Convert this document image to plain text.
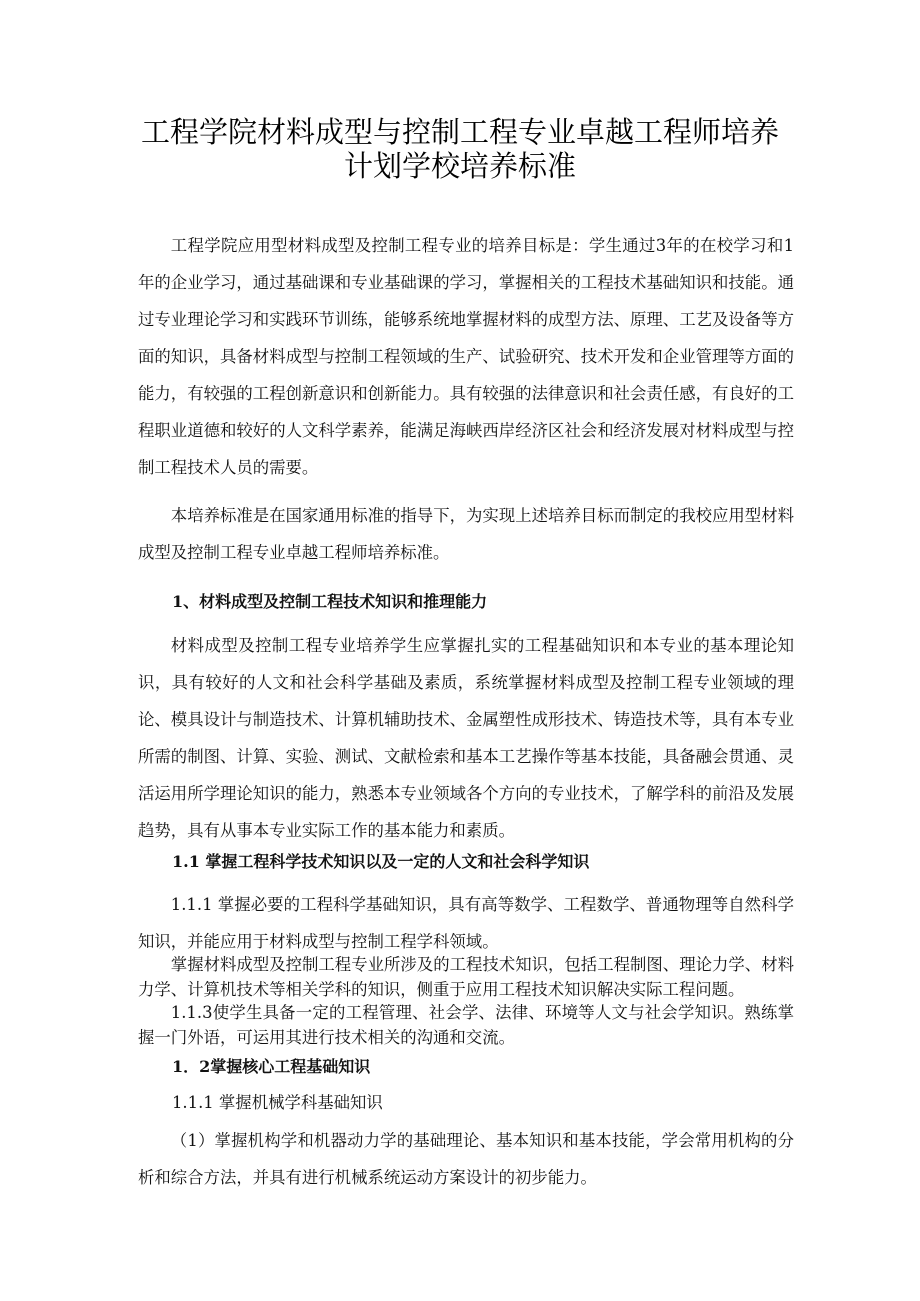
工程学院材料成型与控制工程专业卓越工程师培养
计划学校培养标准

工程学院应用型材料成型及控制工程专业的培养目标是：学生通过3年的在校学习和1年的企业学习，通过基础课和专业基础课的学习，掌握相关的工程技术基础知识和技能。通过专业理论学习和实践环节训练，能够系统地掌握材料的成型方法、原理、工艺及设备等方面的知识，具备材料成型与控制工程领域的生产、试验研究、技术开发和企业管理等方面的能力，有较强的工程创新意识和创新能力。具有较强的法律意识和社会责任感，有良好的工程职业道德和较好的人文科学素养，能满足海峡西岸经济区社会和经济发展对材料成型与控制工程技术人员的需要。

本培养标准是在国家通用标准的指导下，为实现上述培养目标而制定的我校应用型材料成型及控制工程专业卓越工程师培养标准。

1、材料成型及控制工程技术知识和推理能力

材料成型及控制工程专业培养学生应掌握扎实的工程基础知识和本专业的基本理论知识，具有较好的人文和社会科学基础及素质，系统掌握材料成型及控制工程专业领域的理论、模具设计与制造技术、计算机辅助技术、金属塑性成形技术、铸造技术等，具有本专业所需的制图、计算、实验、测试、文献检索和基本工艺操作等基本技能，具备融会贯通、灵活运用所学理论知识的能力，熟悉本专业领域各个方向的专业技术，了解学科的前沿及发展趋势，具有从事本专业实际工作的基本能力和素质。

1.1 掌握工程科学技术知识以及一定的人文和社会科学知识

1.1.1 掌握必要的工程科学基础知识，具有高等数学、工程数学、普通物理等自然科学知识，并能应用于材料成型与控制工程学科领域。

掌握材料成型及控制工程专业所涉及的工程技术知识，包括工程制图、理论力学、材料力学、计算机技术等相关学科的知识，侧重于应用工程技术知识解决实际工程问题。

1.1.3使学生具备一定的工程管理、社会学、法律、环境等人文与社会学知识。熟练掌握一门外语，可运用其进行技术相关的沟通和交流。

1．2掌握核心工程基础知识

1.1.1 掌握机械学科基础知识

（1）掌握机构学和机器动力学的基础理论、基本知识和基本技能，学会常用机构的分析和综合方法，并具有进行机械系统运动方案设计的初步能力。
